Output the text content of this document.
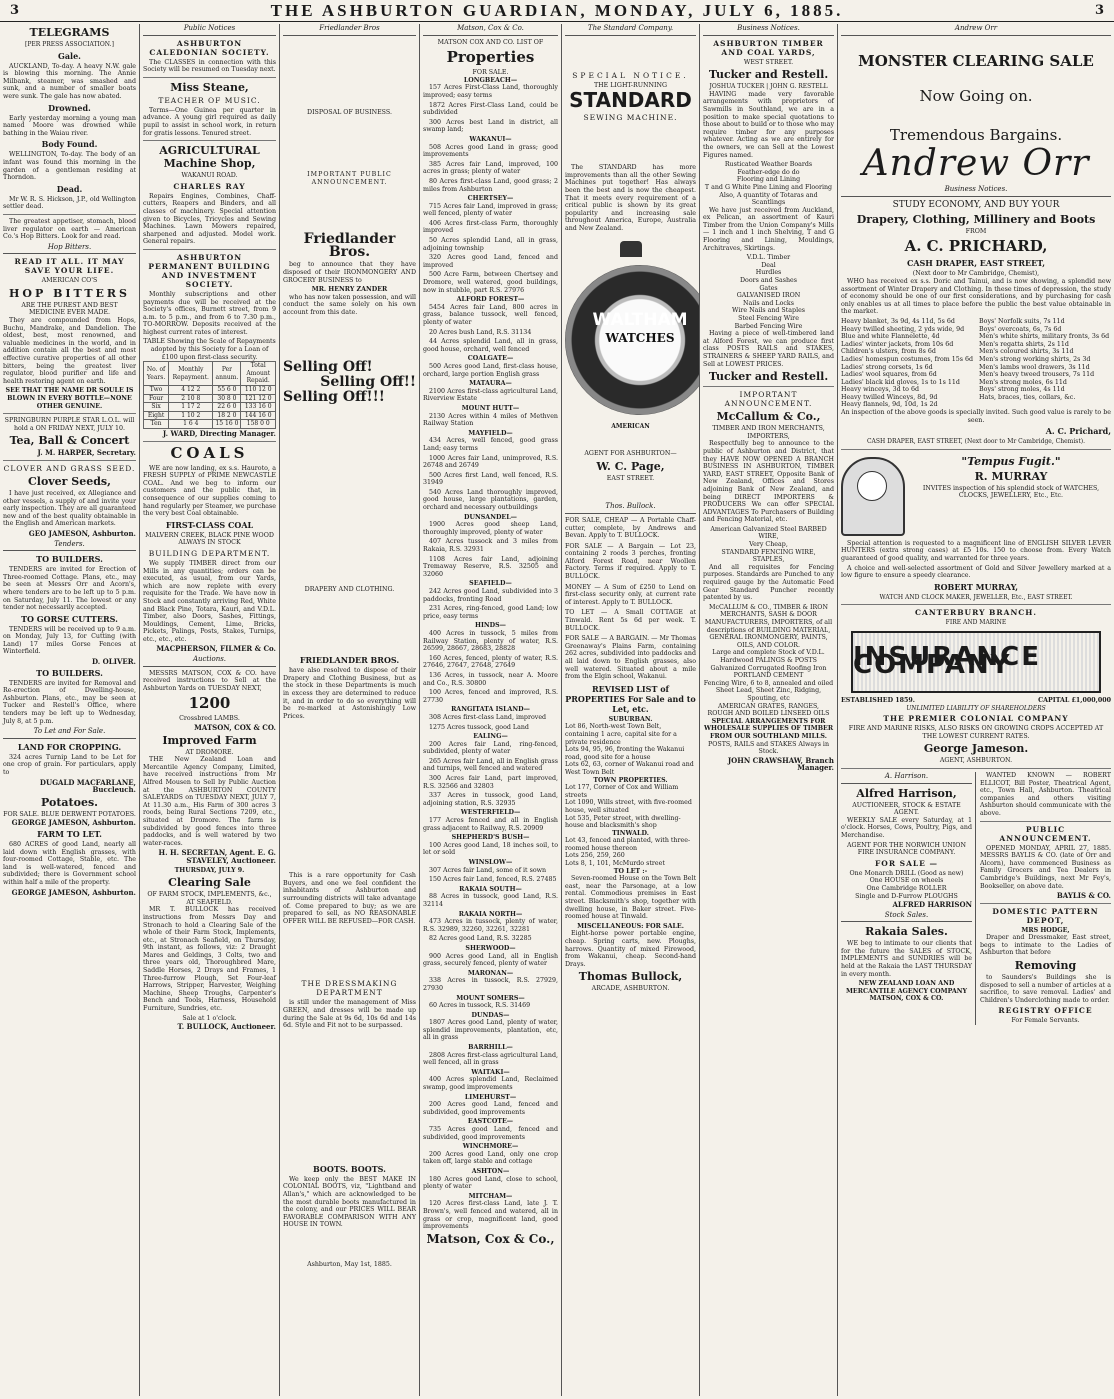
3	THE ASHBURTON GUARDIAN, MONDAY, JULY 6, 1885.	3
TELEGRAMS
[PER PRESS ASSOCIATION.]
Gale.

AUCKLAND, To-day. A heavy N.W. gale is blowing this morning. The Annie Milbank, steamer, was smashed and sunk, and a number of smaller boats were sunk. The gale has now abated.

Drowned.

Early yesterday morning a young man named Moore was drowned while bathing in the Waiau river.

Body Found.

WELLINGTON, To-day. The body of an infant was found this morning in the garden of a gentleman residing at Thorndon.

Dead.

Mr W. R. S. Hickson, J.P., old Wellington settler dead.

The greatest appetiser, stomach, blood liver regulator on earth — American Co.'s Hop Bitters. Look for and read.

Hop Bitters.
READ IT ALL. IT MAY SAVE YOUR LIFE.
AMERICAN CO'S
HOP BITTERS
ARE THE PUREST AND BEST MEDICINE EVER MADE.

They are compounded from Hops, Buchu, Mandrake, and Dandelion. The oldest, best, most renowned, and valuable medicines in the world, and in addition contain all the best and most effective curative properties of all other bitters, being the greatest liver regulator, blood purifier and life and health restoring agent on earth.

SEE THAT THE NAME DR SOULE IS BLOWN IN EVERY BOTTLE—NONE OTHER GENUINE.
SPRINGBURN PURPLE STAR L.O.L. will hold a ON FRIDAY NEXT, JULY 10.
Tea, Ball & Concert
J. M. HARPER, Secretary.
CLOVER AND GRASS SEED.
Clover Seeds,

I have just received, ex Allegiance and other vessels, a supply of and invite your early inspection. They are all guaranteed new and of the best quality obtainable in the English and American markets.

GEO JAMESON, Ashburton.
Tenders.
TO BUILDERS.

TENDERS are invited for Erection of Three-roomed Cottage. Plans, etc., may be seen at Messrs Orr and Acorn's, where tenders are to be left up to 5 p.m. on Saturday, July 11. The lowest or any tender not necessarily accepted.

TO GORSE CUTTERS.

TENDERS will be received up to 9 a.m. on Monday, July 13, for Cutting (with Land) 17 miles Gorse Fences at Winterfield.

D. OLIVER.
TO BUILDERS.

TENDERS are invited for Removal and Re-erection of Dwelling-house, Ashburton. Plans, etc., may be seen at Tucker and Restell's Office, where tenders may be left up to Wednesday, July 8, at 5 p.m.

To Let and For Sale.
LAND FOR CROPPING.

324 acres Turnip Land to be Let for one crop of grain. For particulars, apply to

DUGALD MACFARLANE, Buccleuch.
Potatoes.
FOR SALE. BLUE DERWENT POTATOES.
GEORGE JAMESON, Ashburton.
FARM TO LET.

680 ACRES of good Land, nearly all laid down with English grasses, with four-roomed Cottage, Stable, etc. The land is well-watered, fenced and subdivided; there is Government school within half a mile of the property.

GEORGE JAMESON, Ashburton.
Public Notices
ASHBURTON CALEDONIAN SOCIETY.

The CLASSES in connection with this Society will be resumed on Tuesday next.

Miss Steane,
TEACHER OF MUSIC.

Terms—One Guinea per quarter in advance. A young girl required as daily pupil to assist in school work, in return for gratis lessons. Tenured street.

AGRICULTURAL Machine Shop,
WAKANUI ROAD.
CHARLES RAY

Repairs Engines, Combines, Chaff-cutters, Reapers and Binders, and all classes of machinery. Special attention given to Bicycles, Tricycles and Sewing Machines. Lawn Mowers repaired, sharpened and adjusted. Model work. General repairs.

ASHBURTON PERMANENT BUILDING AND INVESTMENT SOCIETY.

Monthly subscriptions and other payments due will be received at the Society's offices, Burnett street, from 9 a.m. to 5 p.m., and from 6 to 7.30 p.m., TO-MORROW. Deposits received at the highest current rates of interest.

TABLE Showing the Scale of Repayments adopted by this Society for a Loan of £100 upon first-class security.
No. of Years.	Monthly Repayment.	Per annum.	Total Amount Repaid.
Two	4 12 2	55 6 0	110 12 0
Four	2 10 8	30 8 0	121 12 0
Six	1 17 2	22 6 0	133 16 0
Eight	1 10 2	18 2 0	144 16 0
Ten	1 6 4	15 16 0	158 0 0
J. WARD, Directing Manager.
COALS

WE are now landing, ex s.s. Hauroto, a FRESH SUPPLY of PRIME NEWCASTLE COAL. And we beg to inform our customers and the public that, in consequence of our supplies coming to hand regularly per Steamer, we purchase the very best Coal obtainable.

FIRST-CLASS COAL
MALVERN CREEK, BLACK PINE WOOD ALWAYS IN STOCK
BUILDING DEPARTMENT.

We supply TIMBER direct from our Mills in any quantities; orders can be executed, as usual, from our Yards, which are now replete with every requisite for the Trade. We have now in Stock and constantly arriving Red, White and Black Pine, Totara, Kauri, and V.D.L. Timber, also Doors, Sashes, Fittings, Mouldings, Cement, Lime, Bricks, Pickets, Palings, Posts, Stakes, Turnips, etc., etc., etc.

MACPHERSON, FILMER & Co.
Auctions.

MESSRS MATSON, COX & CO. have received instructions to Sell at the Ashburton Yards on TUESDAY NEXT,

1200
Crossbred LAMBS.
MATSON, COX & CO.
Improved Farm
AT DROMORE.

THE New Zealand Loan and Mercantile Agency Company, Limited, have received instructions from Mr Alfred Mousen to Sell by Public Auction at the ASHBURTON COUNTY SALEYARDS on TUESDAY NEXT, JULY 7, At 11.30 a.m., His Farm of 300 acres 3 roods, being Rural Sections 7209, etc., situated at Dromore. The farm is subdivided by good fences into three paddocks, and is well watered by two water-races.

H. H. SECRETAN, Agent. E. G. STAVELEY, Auctioneer.
THURSDAY, JULY 9.
Clearing Sale
OF FARM STOCK, IMPLEMENTS, &c., AT SEAFIELD.

MR T. BULLOCK has received instructions from Messrs Day and Stronach to hold a Clearing Sale of the whole of their Farm Stock, Implements, etc., at Stronach Seafield, on Thursday, 9th instant, as follows, viz: 2 Draught Mares and Geldings, 3 Colts, two and three years old, Thoroughbred Mare, Saddle Horses, 2 Drays and Frames, 1 Three-furrow Plough, Set Four-leaf Harrows, Stripper, Harvester, Weighing Machine, Sheep Troughs, Carpenter's Bench and Tools, Harness, Household Furniture, Sundries, etc.

Sale at 1 o'clock.
T. BULLOCK, Auctioneer.
Friedlander Bros
DISPOSAL OF BUSINESS.
IMPORTANT PUBLIC ANNOUNCEMENT.
Friedlander Bros.

beg to announce that they have disposed of their IRONMONGERY AND GROCERY BUSINESS to

MR. HENRY ZANDER

who has now taken possession, and will conduct the same solely on his own account from this date.

Selling Off!
Selling Off!!
Selling Off!!!
DRAPERY AND CLOTHING.
FRIEDLANDER BROS.

have also resolved to dispose of their Drapery and Clothing Business, but as the stock in these Departments is much in excess they are determined to reduce it, and in order to do so everything will be re-marked at Astonishingly Low Prices.

This is a rare opportunity for Cash Buyers, and one we feel confident the inhabitants of Ashburton and surrounding districts will take advantage of. Come prepared to buy; as we are prepared to sell, as NO REASONABLE OFFER WILL BE REFUSED—FOR CASH.

THE DRESSMAKING DEPARTMENT

is still under the management of Miss GREEN, and dresses will be made up during the Sale at 9s 6d, 10s 6d and 14s 6d. Style and Fit not to be surpassed.

BOOTS. BOOTS.

We keep only the BEST MAKE IN COLONIAL BOOTS, viz, "Lightband and Allan's," which are acknowledged to be the most durable boots manufactured in the colony, and our PRICES WILL BEAR FAVORABLE COMPARISON WITH ANY HOUSE IN TOWN.

Ashburton, May 1st, 1885.
Matson, Cox & Co.
MATSON COX AND CO. LIST OF
Properties
FOR SALE.
LONGBEACH—

157 Acres First-Class Land, thoroughly improved; easy terms

1872 Acres First-Class Land, could be subdivided

300 Acres best Land in district, all swamp land;

WAKANUI—

508 Acres good Land in grass; good improvements

385 Acres fair Land, improved, 100 acres in grass; plenty of water

80 Acres first-class Land, good grass; 2 miles from Ashburton

CHERTSEY—

715 Acres fair Land, improved in grass; well fenced, plenty of water

406 Acres first-class Farm, thoroughly improved

50 Acres splendid Land, all in grass, adjoining township

320 Acres good Land, fenced and improved

500 Acre Farm, between Chertsey and Dromore, well watered, good buildings, now in stubble, part R.S. 27976

ALFORD FOREST—

5454 Acres fair Land, 800 acres in grass, balance tussock, well fenced, plenty of water

20 Acres bush Land, R.S. 31134

44 Acres splendid Land, all in grass, good house, orchard, well fenced

COALGATE—

500 Acres good Land, first-class house, orchard, large portion English grass

MATAURA—

2100 Acres first-class agricultural Land, Riverview Estate

MOUNT HUTT—

2130 Acres within 4 miles of Methven Railway Station

MAYFIELD—

434 Acres, well fenced, good grass Land; easy terms

1000 Acres fair Land, unimproved, R.S. 26748 and 26749

500 Acres first Land, well fenced, R.S. 31949

540 Acres Land thoroughly improved, good house, large plantations, garden, orchard and necessary outbuildings

DUNSANDEL—

1900 Acres good sheep Land, thoroughly improved, plenty of water

407 Acres tussock and 3 miles from Rakaia, R.S. 32931

1108 Acres fair Land, adjoining Tremaway Reserve, R.S. 32505 and 32060

SEAFIELD—

242 Acres good Land, subdivided into 3 paddocks, fronting Road

231 Acres, ring-fenced, good Land; low price, easy terms

HINDS—

400 Acres in tussock, 5 miles from Railway Station, plenty of water, R.S. 26599, 28667, 28683, 28828

160 Acres, fenced, plenty of water, R.S. 27646, 27647, 27648, 27649

136 Acres, in tussock, near A. Moore and Co., R.S. 30800

100 Acres, fenced and improved, R.S. 27730

RANGITATA ISLAND—

308 Acres first-class Land, improved

1275 Acres tussock, good Land

EALING—

200 Acres fair Land, ring-fenced, subdivided, plenty of water

265 Acres fair Land, all in English grass and turnips, well fenced and watered

300 Acres fair Land, part improved, R.S. 32566 and 32803

337 Acres in tussock, good Land, adjoining station, R.S. 32935

WESTERFIELD—

177 Acres fenced and all in English grass adjacent to Railway, R.S. 20909

SHEPHERD'S BUSH—

100 Acres good Land, 18 inches soil, to let or sold

WINSLOW—

307 Acres fair Land, some of it sown

150 Acres fair Land, fenced, R.S. 27485

RAKAIA SOUTH—

88 Acres in tussock, good Land, R.S. 32114

RAKAIA NORTH—

473 Acres in tussock, plenty of water, R.S. 32989, 32260, 32261, 32281

82 Acres good Land, R.S. 32285

SHERWOOD—

900 Acres good Land, all in English grass, securely fenced, plenty of water

MARONAN—

338 Acres in tussock, R.S. 27929, 27930

MOUNT SOMERS—

60 Acres in tussock, R.S. 31469

DUNDAS—

1807 Acres good Land, plenty of water, splendid improvements, plantation, etc, all in grass

BARRHILL—

2808 Acres first-class agricultural Land, well fenced, all in grass

WAITAKI—

400 Acres splendid Land, Reclaimed swamp, good improvements

LIMEHURST—

200 Acres good Land, fenced and subdivided, good improvements

EASTCOTE—

735 Acres good Land, fenced and subdivided, good improvements

WINCHMORE—

200 Acres good Land, only one crop taken off, large stable and cottage

ASHTON—

180 Acres good Land, close to school, plenty of water

MITCHAM—

120 Acres first-class Land, late J. T. Brown's, well fenced and watered, all in grass or crop, magnificent land, good improvements

Matson, Cox & Co.,
The Standard Company.
SPECIAL NOTICE.
THE LIGHT-RUNNING
STANDARD
SEWING MACHINE.

The STANDARD has more improvements than all the other Sewing Machines put together! Has always been the best and is now the cheapest. That it meets every requirement of a critical public is shown by its great popularity and increasing sale throughout America, Europe, Australia and New Zealand.

WALTHAM
WATCHES
AMERICAN
AGENT FOR ASHBURTON—
W. C. Page,
EAST STREET.
Thos. Bullock.
FOR SALE, CHEAP — A Portable Chaff-cutter, complete, by Andrews and Bevan. Apply to T. BULLOCK.
FOR SALE — A Bargain — Lot 23, containing 2 roods 3 perches, fronting Alford Forest Road, near Woollen Factory. Terms if required. Apply to T. BULLOCK.
MONEY — A Sum of £250 to Lend on first-class security only, at current rate of interest. Apply to T. BULLOCK.
TO LET — A Small COTTAGE at Tinwald. Rent 5s 6d per week. T. BULLOCK.
FOR SALE — A BARGAIN. — Mr Thomas Greenaway's Plains Farm, containing 262 acres, subdivided into paddocks and all laid down to English grasses, also well watered. Situated about a mile from the Elgin school, Wakanui.
REVISED LIST of PROPERTIES For Sale and to Let, etc.
SUBURBAN.
Lot 86, North-west Town Belt, containing 1 acre, capital site for a private residence
Lots 94, 95, 96, fronting the Wakanui road, good site for a house
Lots 62, 63, corner of Wakanui road and West Town Belt
TOWN PROPERTIES.
Lot 177, Corner of Cox and William streets
Lot 1090, Wills street, with five-roomed house, well situated
Lot 535, Peter street, with dwelling-house and blacksmith's shop
TINWALD.
Lot 43, fenced and planted, with three-roomed house thereon
Lots 256, 259, 260
Lots 8, 1, 101, McMurdo street
TO LET :-

Seven-roomed House on the Town Belt east, near the Parsonage, at a low rental. Commodious premises in East street. Blacksmith's shop, together with dwelling house, in Baker street. Five-roomed house at Tinwald.

MISCELLANEOUS: FOR SALE.

Eight-horse power portable engine, cheap. Spring carts, new. Ploughs, harrows. Quantity of mixed Firewood, from Wakanui, cheap. Second-hand Drays.

Thomas Bullock,
ARCADE, ASHBURTON.
Business Notices.
ASHBURTON TIMBER AND COAL YARDS,
WEST STREET.
Tucker and Restell.
JOSHUA TUCKER | JOHN G. RESTELL

HAVING made very favorable arrangements with proprietors of Sawmills in Southland, we are in a position to make special quotations to those about to build or to those who may require timber for any purposes whatever. Acting as we are entirely for the owners, we can Sell at the Lowest Figures named.

Rusticated Weather Boards
Feather-edge do do
Flooring and Lining
T and G White Pine Lining and Flooring
Also, A quantity of Totaras and Scantlings

We have just received from Auckland, ex Pelican, an assortment of Kauri Timber from the Union Company's Mills — 1 inch and 1 inch Shelving, T and G Flooring and Lining, Mouldings, Architraves, Skirtings.

V.D.L. Timber
Deal
Hurdles
Doors and Sashes
Gates
GALVANISED IRON
Nails and Locks
Wire Nails and Staples
Steel Fencing Wire
Barbed Fencing Wire

Having a piece of well-timbered land at Alford Forest, we can produce first class POSTS RAILS and STAKES, STRAINERS & SHEEP YARD RAILS, and Sell at LOWEST PRICES.

Tucker and Restell.
IMPORTANT ANNOUNCEMENT.
McCallum & Co.,
TIMBER AND IRON MERCHANTS, IMPORTERS,

Respectfully beg to announce to the public of Ashburton and District, that they HAVE NOW OPENED A BRANCH BUSINESS IN ASHBURTON, TIMBER YARD, EAST STREET, Opposite Bank of New Zealand, Offices and Stores adjoining Bank of New Zealand, and being DIRECT IMPORTERS & PRODUCERS We can offer SPECIAL ADVANTAGES To Purchasers of Building and Fencing Material, etc.

American Galvanized Steel BARBED WIRE,
Very Cheap,
STANDARD FENCING WIRE,
STAPLES,

And all requisites for Fencing purposes. Standards are Punched to any required gauge by the Automatic Feed Gear Standard Puncher recently patented by us.

McCALLUM & CO., TIMBER & IRON MERCHANTS, SASH & DOOR MANUFACTURERS, IMPORTERS, of all descriptions of BUILDING MATERIAL, GENERAL IRONMONGERY, PAINTS, OILS, AND COLOR.
Large and complete Stock of V.D.L. Hardwood PALINGS & POSTS
Galvanized Corrugated Roofing Iron
PORTLAND CEMENT
Fencing Wire, 6 to 8, annealed and oiled
Sheet Lead, Sheet Zinc, Ridging, Spouting, etc
AMERICAN GRATES, RANGES,
ROUGH AND BOILED LINSEED OILS
SPECIAL ARRANGEMENTS FOR WHOLESALE SUPPLIES OF TIMBER FROM OUR SOUTHLAND MILLS.
POSTS, RAILS and STAKES Always in Stock.
JOHN CRAWSHAW, Branch Manager.
Andrew Orr
MONSTER CLEARING SALE
Now Going on.
Tremendous Bargains.
Andrew Orr
Business Notices.
STUDY ECONOMY, AND BUY YOUR
Drapery, Clothing, Millinery and Boots
FROM
A. C. PRICHARD,
CASH DRAPER, EAST STREET,
(Next door to Mr Cambridge, Chemist),

WHO has received ex s.s. Doric and Tainui, and is now showing, a splendid new assortment of Winter Drapery and Clothing. In these times of depression, the study of economy should be one of our first considerations, and by purchasing for cash only enables us at all times to place before the public the best value obtainable in the market.

Heavy blanket, 3s 9d, 4s 11d, 5s 6d
Heavy twilled sheeting, 2 yds wide, 9d
Blue and white Flannelette, 4d
Ladies' winter jackets, from 10s 6d
Children's ulsters, from 8s 6d
Ladies' homespun costumes, from 15s 6d
Ladies' strong corsets, 1s 6d
Ladies' wool squares, from 6d
Ladies' black kid gloves, 1s to 1s 11d
Heavy winceys, 3d to 6d
Heavy twilled Winceys, 8d, 9d
Heavy flannels, 9d, 10d, 1s 2d
Boys' Norfolk suits, 7s 11d
Boys' overcoats, 6s, 7s 6d
Men's white shirts, military fronts, 3s 6d
Men's regatta shirts, 2s 11d
Men's coloured shirts, 3s 11d
Men's strong working shirts, 2s 3d
Men's lambs wool drawers, 3s 11d
Men's heavy tweed trousers, 7s 11d
Men's strong moles, 6s 11d
Boys' strong moles, 4s 11d
Hats, braces, ties, collars, &c.
An inspection of the above goods is specially invited. Such good value is rarely to be seen.
A. C. Prichard,
CASH DRAPER, EAST STREET, (Next door to Mr Cambridge, Chemist).
"Tempus Fugit."
R. MURRAY
INVITES inspection of his splendid stock of WATCHES, CLOCKS, JEWELLERY, Etc., Etc.

Special attention is requested to a magnificent line of ENGLISH SILVER LEVER HUNTERS (extra strong cases) at £5 10s. 150 to choose from. Every Watch guaranteed of good quality, and warranted for three years.

A choice and well-selected assortment of Gold and Silver Jewellery marked at a low figure to ensure a speedy clearance.

ROBERT MURRAY,
WATCH AND CLOCK MAKER, JEWELLER, Etc., EAST STREET.
CANTERBURY BRANCH.
FIRE AND MARINE
INSURANCE COMPANY
ESTABLISHED 1859.	CAPITAL £1,000,000
UNLIMITED LIABILITY OF SHAREHOLDERS
THE PREMIER COLONIAL COMPANY
FIRE AND MARINE RISKS, ALSO RISKS ON GROWING CROPS ACCEPTED AT THE LOWEST CURRENT RATES.
George Jameson.
AGENT, ASHBURTON.
A. Harrison.
Alfred Harrison,
AUCTIONEER, STOCK & ESTATE AGENT.

WEEKLY SALE every Saturday, at 1 o'clock. Horses, Cows, Poultry, Pigs, and Merchandise.

AGENT FOR THE NORWICH UNION FIRE INSURANCE COMPANY.
FOR SALE —
One Monarch DRILL (Good as new)
One HOUSE on wheels
One Cambridge ROLLER
Single and D-Furrow PLOUGHS
ALFRED HARRISON
Stock Sales.
Rakaia Sales.

WE beg to intimate to our clients that for the future the SALES of STOCK, IMPLEMENTS and SUNDRIES will be held at the Rakaia the LAST THURSDAY in every month.

NEW ZEALAND LOAN AND MERCANTILE AGENCY COMPANY MATSON, COX & CO.

WANTED KNOWN — ROBERT ELLICOT, Bill Poster, Theatrical Agent, etc., Town Hall, Ashburton. Theatrical companies and others visiting Ashburton should communicate with the above.

PUBLIC ANNOUNCEMENT.

OPENED MONDAY, APRIL 27, 1885. MESSRS BAYLIS & CO. (late of Orr and Alcorn), have commenced Business as Family Grocers and Tea Dealers in Cambridge's Buildings, next Mr Fey's, Bookseller, on above date.

BAYLIS & CO.
DOMESTIC PATTERN DEPOT,
MRS HODGE,

Draper and Dressmaker, East street, begs to intimate to the Ladies of Ashburton that before

Removing

to Saunders's Buildings she is disposed to sell a number of articles at a sacrifice, to save removal. Ladies' and Children's Underclothing made to order.

REGISTRY OFFICE
For Female Servants.
